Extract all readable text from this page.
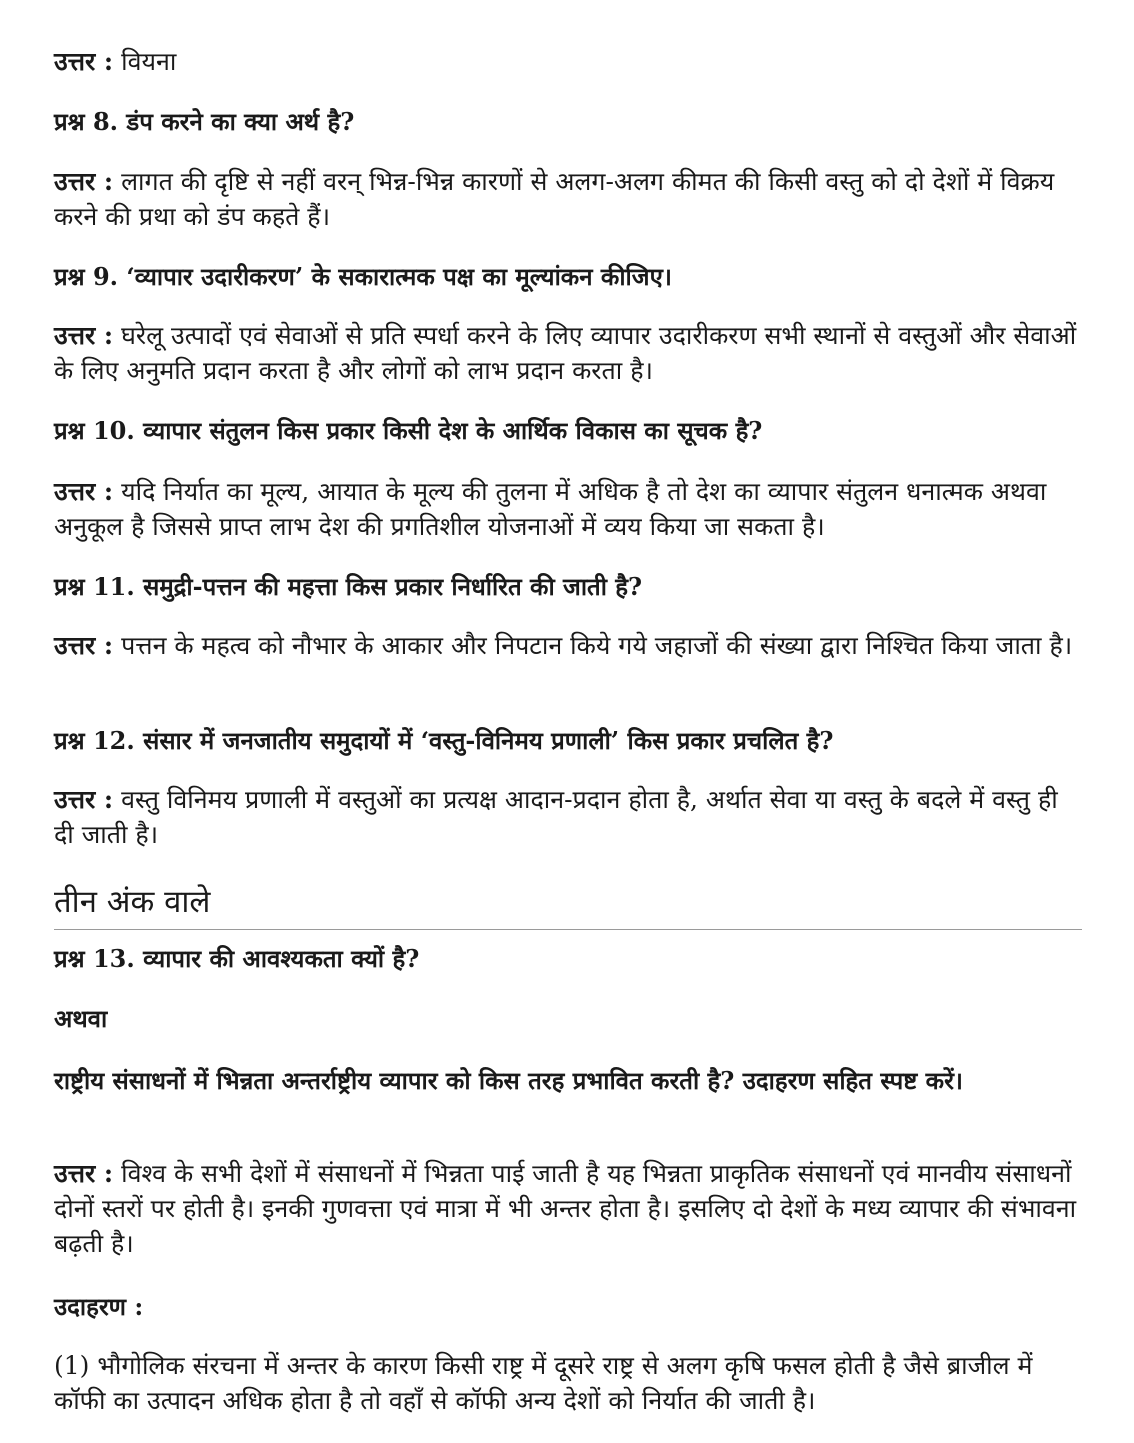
उत्तर : वियना

प्रश्न 8. डंप करने का क्या अर्थ है?

उत्तर : लागत की दृष्टि से नहीं वरन् भिन्न-भिन्न कारणों से अलग-अलग कीमत की किसी वस्तु को दो देशों में विक्रय करने की प्रथा को डंप कहते हैं।

प्रश्न 9. ‘व्यापार उदारीकरण’ के सकारात्मक पक्ष का मूल्यांकन कीजिए।

उत्तर : घरेलू उत्पादों एवं सेवाओं से प्रति स्पर्धा करने के लिए व्यापार उदारीकरण सभी स्थानों से वस्तुओं और सेवाओं के लिए अनुमति प्रदान करता है और लोगों को लाभ प्रदान करता है।

प्रश्न 10. व्यापार संतुलन किस प्रकार किसी देश के आर्थिक विकास का सूचक है?

उत्तर : यदि निर्यात का मूल्य, आयात के मूल्य की तुलना में अधिक है तो देश का व्यापार संतुलन धनात्मक अथवा अनुकूल है जिससे प्राप्त लाभ देश की प्रगतिशील योजनाओं में व्यय किया जा सकता है।

प्रश्न 11. समुद्री-पत्तन की महत्ता किस प्रकार निर्धारित की जाती है?

उत्तर : पत्तन के महत्व को नौभार के आकार और निपटान किये गये जहाजों की संख्या द्वारा निश्चित किया जाता है।

प्रश्न 12. संसार में जनजातीय समुदायों में ‘वस्तु-विनिमय प्रणाली’ किस प्रकार प्रचलित है?

उत्तर : वस्तु विनिमय प्रणाली में वस्तुओं का प्रत्यक्ष आदान-प्रदान होता है, अर्थात सेवा या वस्तु के बदले में वस्तु ही दी जाती है।

तीन अंक वाले

प्रश्न 13. व्यापार की आवश्यकता क्यों है?

अथवा

राष्ट्रीय संसाधनों में भिन्नता अन्तर्राष्ट्रीय व्यापार को किस तरह प्रभावित करती है? उदाहरण सहित स्पष्ट करें।

उत्तर : विश्व के सभी देशों में संसाधनों में भिन्नता पाई जाती है यह भिन्नता प्राकृतिक संसाधनों एवं मानवीय संसाधनों दोनों स्तरों पर होती है। इनकी गुणवत्ता एवं मात्रा में भी अन्तर होता है। इसलिए दो देशों के मध्य व्यापार की संभावना बढ़ती है।

उदाहरण :

(1) भौगोलिक संरचना में अन्तर के कारण किसी राष्ट्र में दूसरे राष्ट्र से अलग कृषि फसल होती है जैसे ब्राजील में कॉफी का उत्पादन अधिक होता है तो वहाँ से कॉफी अन्य देशों को निर्यात की जाती है।
